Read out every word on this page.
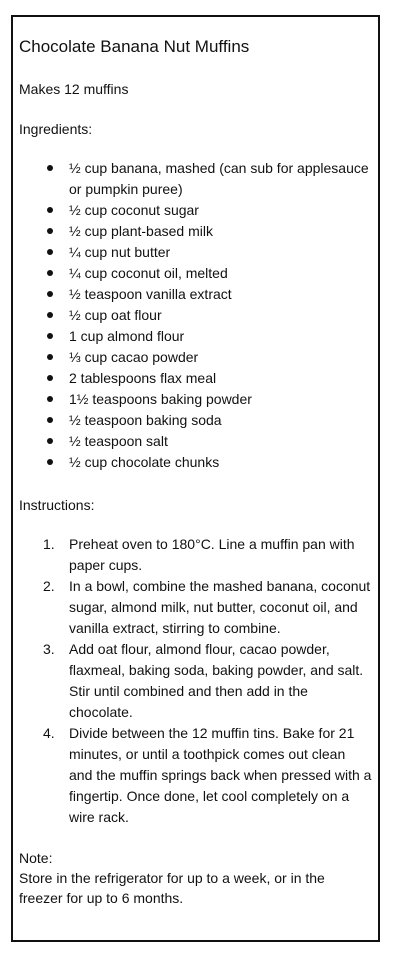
Chocolate Banana Nut Muffins

Makes 12 muffins

Ingredients:

½ cup banana, mashed (can sub for applesauce or pumpkin puree)
½ cup coconut sugar
½ cup plant-based milk
¼ cup nut butter
¼ cup coconut oil, melted
½ teaspoon vanilla extract
½ cup oat flour
1 cup almond flour
⅓ cup cacao powder
2 tablespoons flax meal
1½ teaspoons baking powder
½ teaspoon baking soda
½ teaspoon salt
½ cup chocolate chunks

Instructions:

1.	Preheat oven to 180°C. Line a muffin pan with paper cups.
2.	In a bowl, combine the mashed banana, coconut sugar, almond milk, nut butter, coconut oil, and vanilla extract, stirring to combine.
3.	Add oat flour, almond flour, cacao powder, flaxmeal, baking soda, baking powder, and salt. Stir until combined and then add in the chocolate.
4.	Divide between the 12 muffin tins. Bake for 21 minutes, or until a toothpick comes out clean and the muffin springs back when pressed with a fingertip. Once done, let cool completely on a wire rack.

Note:

Store in the refrigerator for up to a week, or in the freezer for up to 6 months.
